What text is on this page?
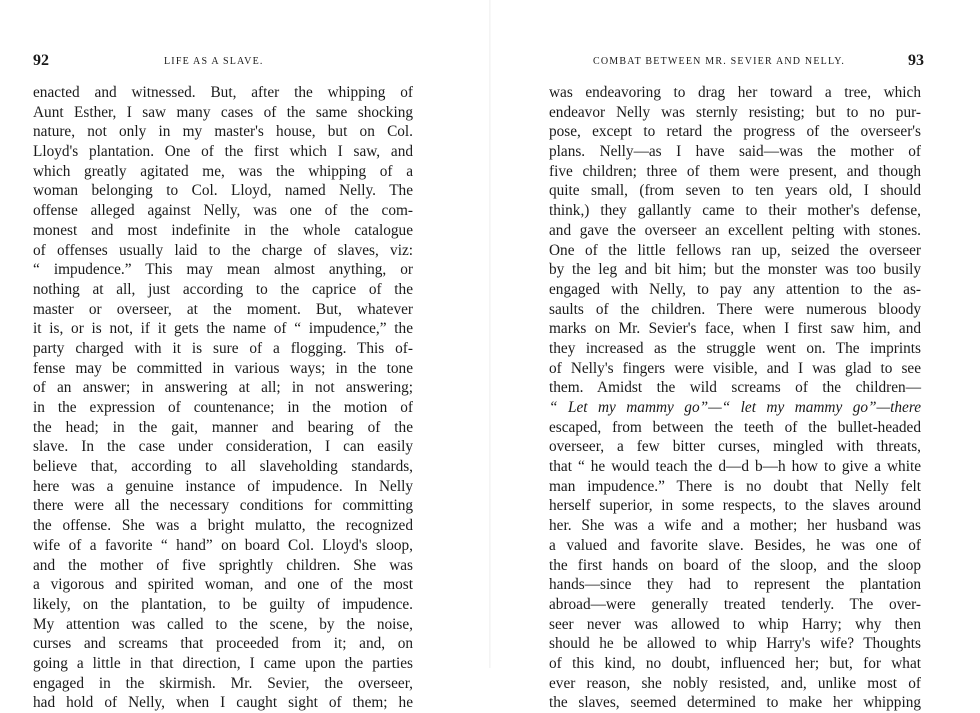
92	LIFE AS A SLAVE.
enacted and witnessed. But, after the whipping of
Aunt Esther, I saw many cases of the same shocking
nature, not only in my master's house, but on Col.
Lloyd's plantation. One of the first which I saw, and
which greatly agitated me, was the whipping of a
woman belonging to Col. Lloyd, named Nelly. The
offense alleged against Nelly, was one of the com-
monest and most indefinite in the whole catalogue
of offenses usually laid to the charge of slaves, viz:
“ impudence.” This may mean almost anything, or
nothing at all, just according to the caprice of the
master or overseer, at the moment. But, whatever
it is, or is not, if it gets the name of “ impudence,” the
party charged with it is sure of a flogging. This of-
fense may be committed in various ways; in the tone
of an answer; in answering at all; in not answering;
in the expression of countenance; in the motion of
the head; in the gait, manner and bearing of the
slave. In the case under consideration, I can easily
believe that, according to all slaveholding standards,
here was a genuine instance of impudence. In Nelly
there were all the necessary conditions for committing
the offense. She was a bright mulatto, the recognized
wife of a favorite “ hand” on board Col. Lloyd's sloop,
and the mother of five sprightly children. She was
a vigorous and spirited woman, and one of the most
likely, on the plantation, to be guilty of impudence.
My attention was called to the scene, by the noise,
curses and screams that proceeded from it; and, on
going a little in that direction, I came upon the parties
engaged in the skirmish. Mr. Sevier, the overseer,
had hold of Nelly, when I caught sight of them; he
COMBAT BETWEEN MR. SEVIER AND NELLY.	93
was endeavoring to drag her toward a tree, which
endeavor Nelly was sternly resisting; but to no pur-
pose, except to retard the progress of the overseer's
plans. Nelly—as I have said—was the mother of
five children; three of them were present, and though
quite small, (from seven to ten years old, I should
think,) they gallantly came to their mother's defense,
and gave the overseer an excellent pelting with stones.
One of the little fellows ran up, seized the overseer
by the leg and bit him; but the monster was too busily
engaged with Nelly, to pay any attention to the as-
saults of the children. There were numerous bloody
marks on Mr. Sevier's face, when I first saw him, and
they increased as the struggle went on. The imprints
of Nelly's fingers were visible, and I was glad to see
them. Amidst the wild screams of the children—
“ Let my mammy go”—“ let my mammy go”—there
escaped, from between the teeth of the bullet-headed
overseer, a few bitter curses, mingled with threats,
that “ he would teach the d—d b—h how to give a white
man impudence.” There is no doubt that Nelly felt
herself superior, in some respects, to the slaves around
her. She was a wife and a mother; her husband was
a valued and favorite slave. Besides, he was one of
the first hands on board of the sloop, and the sloop
hands—since they had to represent the plantation
abroad—were generally treated tenderly. The over-
seer never was allowed to whip Harry; why then
should he be allowed to whip Harry's wife? Thoughts
of this kind, no doubt, influenced her; but, for what
ever reason, she nobly resisted, and, unlike most of
the slaves, seemed determined to make her whipping
